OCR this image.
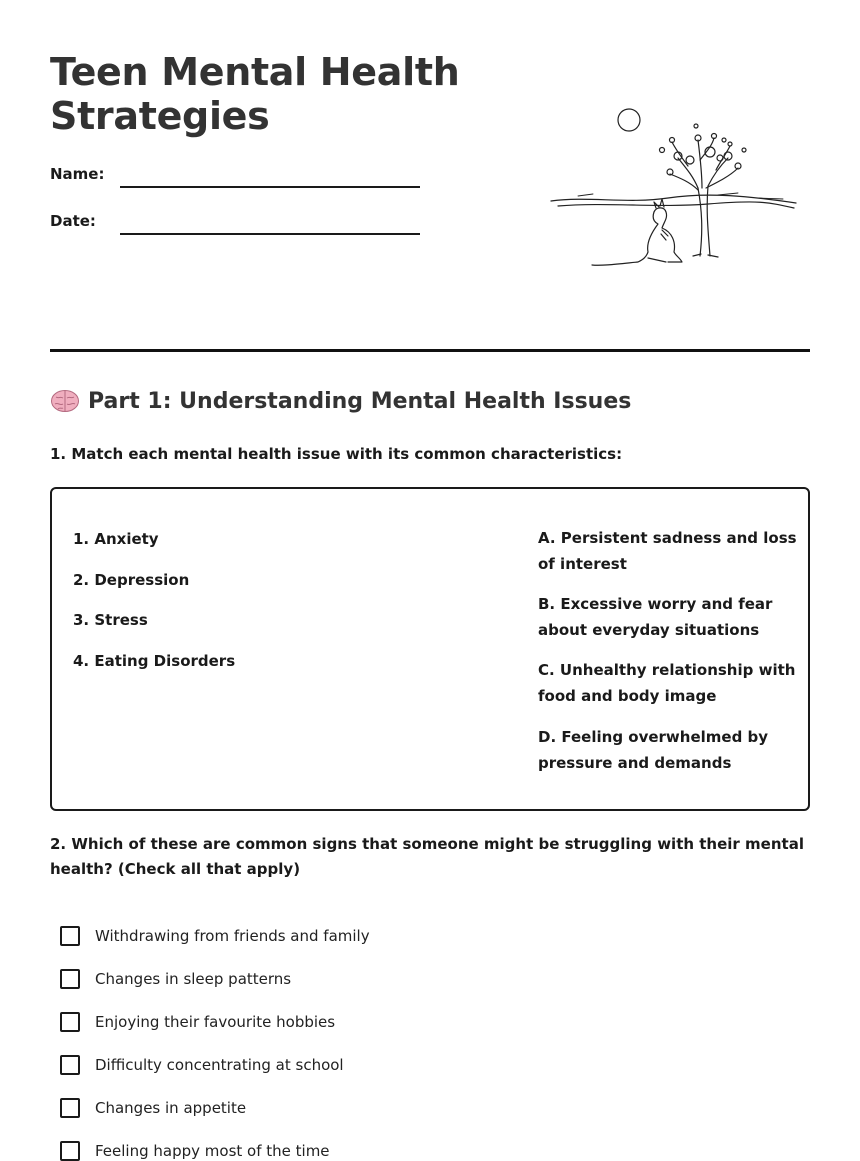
Teen Mental Health Strategies
Name:
Date:
Part 1: Understanding Mental Health Issues
1. Match each mental health issue with its common characteristics:
1. Anxiety
2. Depression
3. Stress
4. Eating Disorders
A. Persistent sadness and loss of interest
B. Excessive worry and fear about everyday situations
C. Unhealthy relationship with food and body image
D. Feeling overwhelmed by pressure and demands
2. Which of these are common signs that someone might be struggling with their mental health? (Check all that apply)
Withdrawing from friends and family
Changes in sleep patterns
Enjoying their favourite hobbies
Difficulty concentrating at school
Changes in appetite
Feeling happy most of the time
